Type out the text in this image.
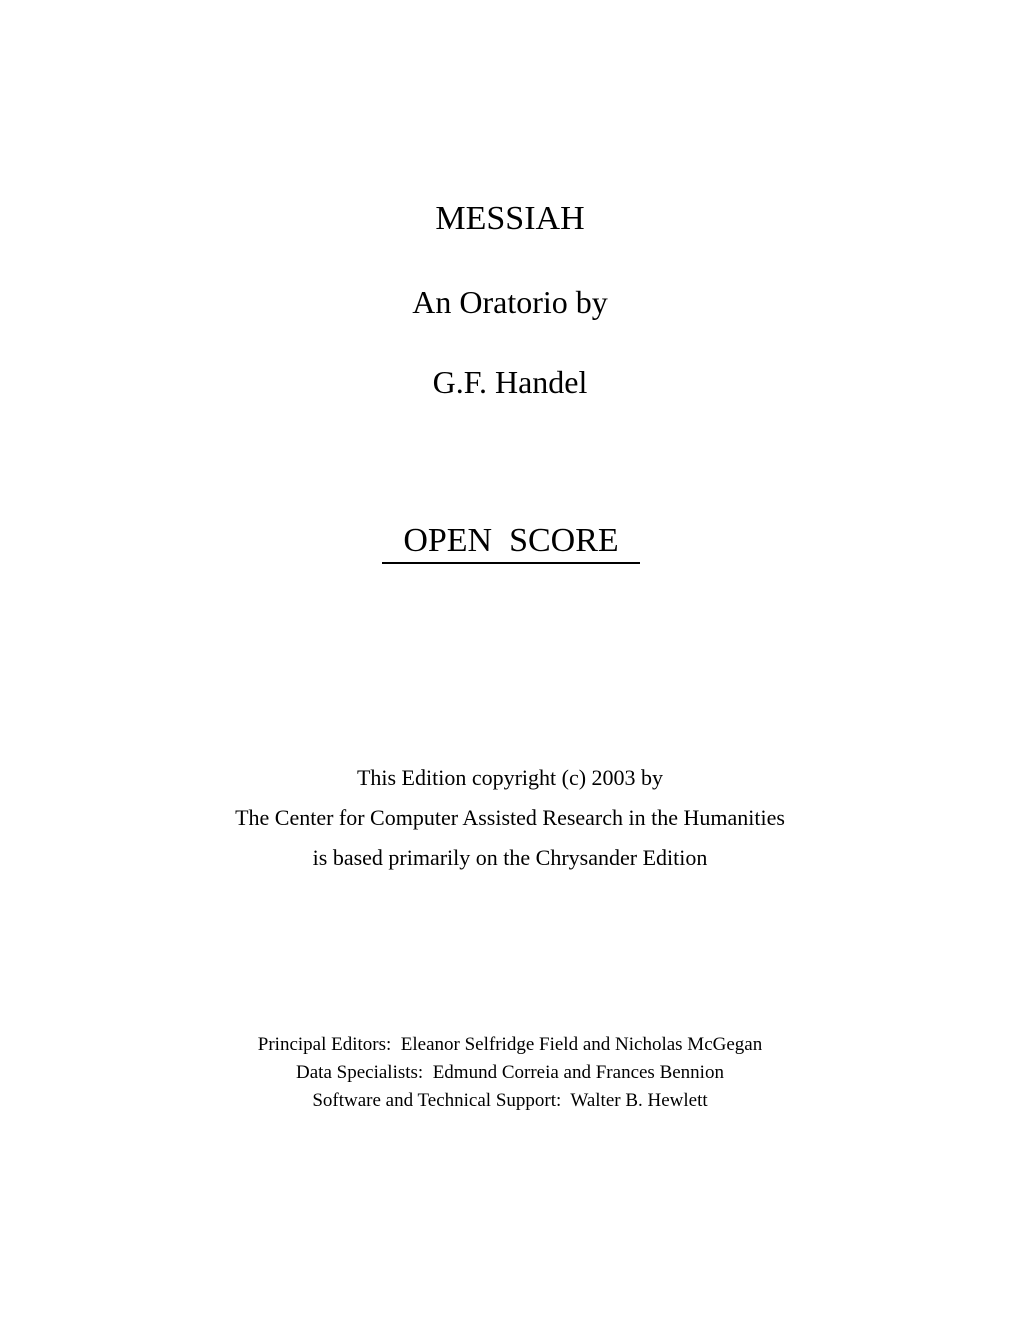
MESSIAH
An Oratorio by
G.F. Handel
OPEN  SCORE
This Edition copyright (c) 2003 by
The Center for Computer Assisted Research in the Humanities
is based primarily on the Chrysander Edition
Principal Editors:  Eleanor Selfridge Field and Nicholas McGegan
Data Specialists:  Edmund Correia and Frances Bennion
Software and Technical Support:  Walter B. Hewlett
